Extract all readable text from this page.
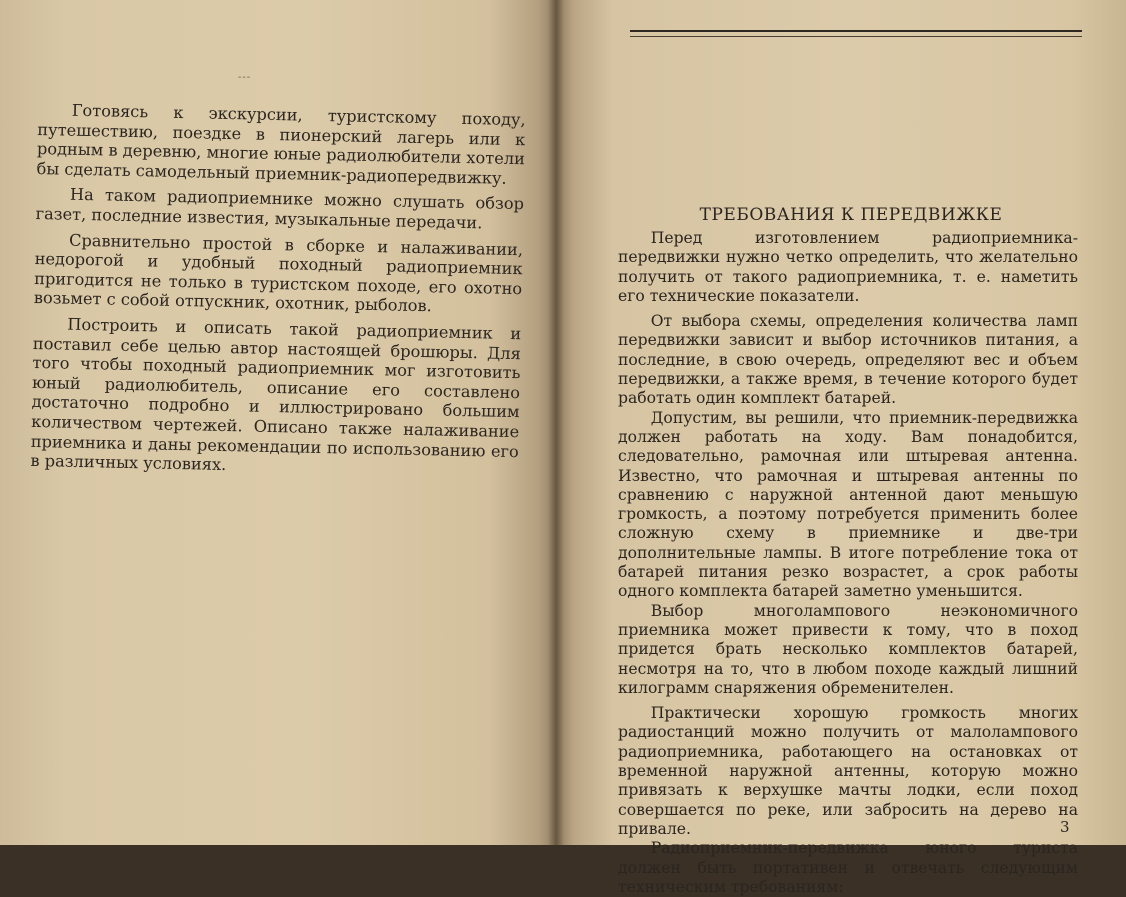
---

Готовясь к экскурсии, туристскому походу, путешествию, поездке в пионерский лагерь или к родным в деревню, многие юные радиолюбители хотели бы сделать самодельный приемник-радиопередвижку.

На таком радиоприемнике можно слушать обзор газет, последние известия, музыкальные передачи.

Сравнительно простой в сборке и налаживании, недорогой и удобный походный радиоприемник пригодится не только в туристском походе, его охотно возьмет с собой отпускник, охотник, рыболов.

Построить и описать такой радиоприемник и поставил себе целью автор настоящей брошюры. Для того чтобы походный радиоприемник мог изготовить юный радиолюбитель, описание его составлено достаточно подробно и иллюстрировано большим количеством чертежей. Описано также налаживание приемника и даны рекомендации по использованию его в различных условиях.

ТРЕБОВАНИЯ К ПЕРЕДВИЖКЕ

Перед изготовлением радиоприемника-передвижки нужно четко определить, что желательно получить от такого радиоприемника, т. е. наметить его технические показатели.

От выбора схемы, определения количества ламп передвижки зависит и выбор источников питания, а последние, в свою очередь, определяют вес и объем передвижки, а также время, в течение которого будет работать один комплект батарей.

Допустим, вы решили, что приемник-передвижка должен работать на ходу. Вам понадобится, следовательно, рамочная или штыревая антенна. Известно, что рамочная и штыревая антенны по сравнению с наружной антенной дают меньшую громкость, а поэтому потребуется применить более сложную схему в приемнике и две-три дополнительные лампы. В итоге потребление тока от батарей питания резко возрастет, а срок работы одного комплекта батарей заметно уменьшится.

Выбор многолампового неэкономичного приемника может привести к тому, что в поход придется брать несколько комплектов батарей, несмотря на то, что в любом походе каждый лишний килограмм снаряжения обременителен.

Практически хорошую громкость многих радиостанций можно получить от малолампового радиоприемника, работающего на остановках от временной наружной антенны, которую можно привязать к верхушке мачты лодки, если поход совершается по реке, или забросить на дерево на привале.

Радиоприемник-передвижка юного туриста должен быть портативен и отвечать следующим техническим требованиям:

3
